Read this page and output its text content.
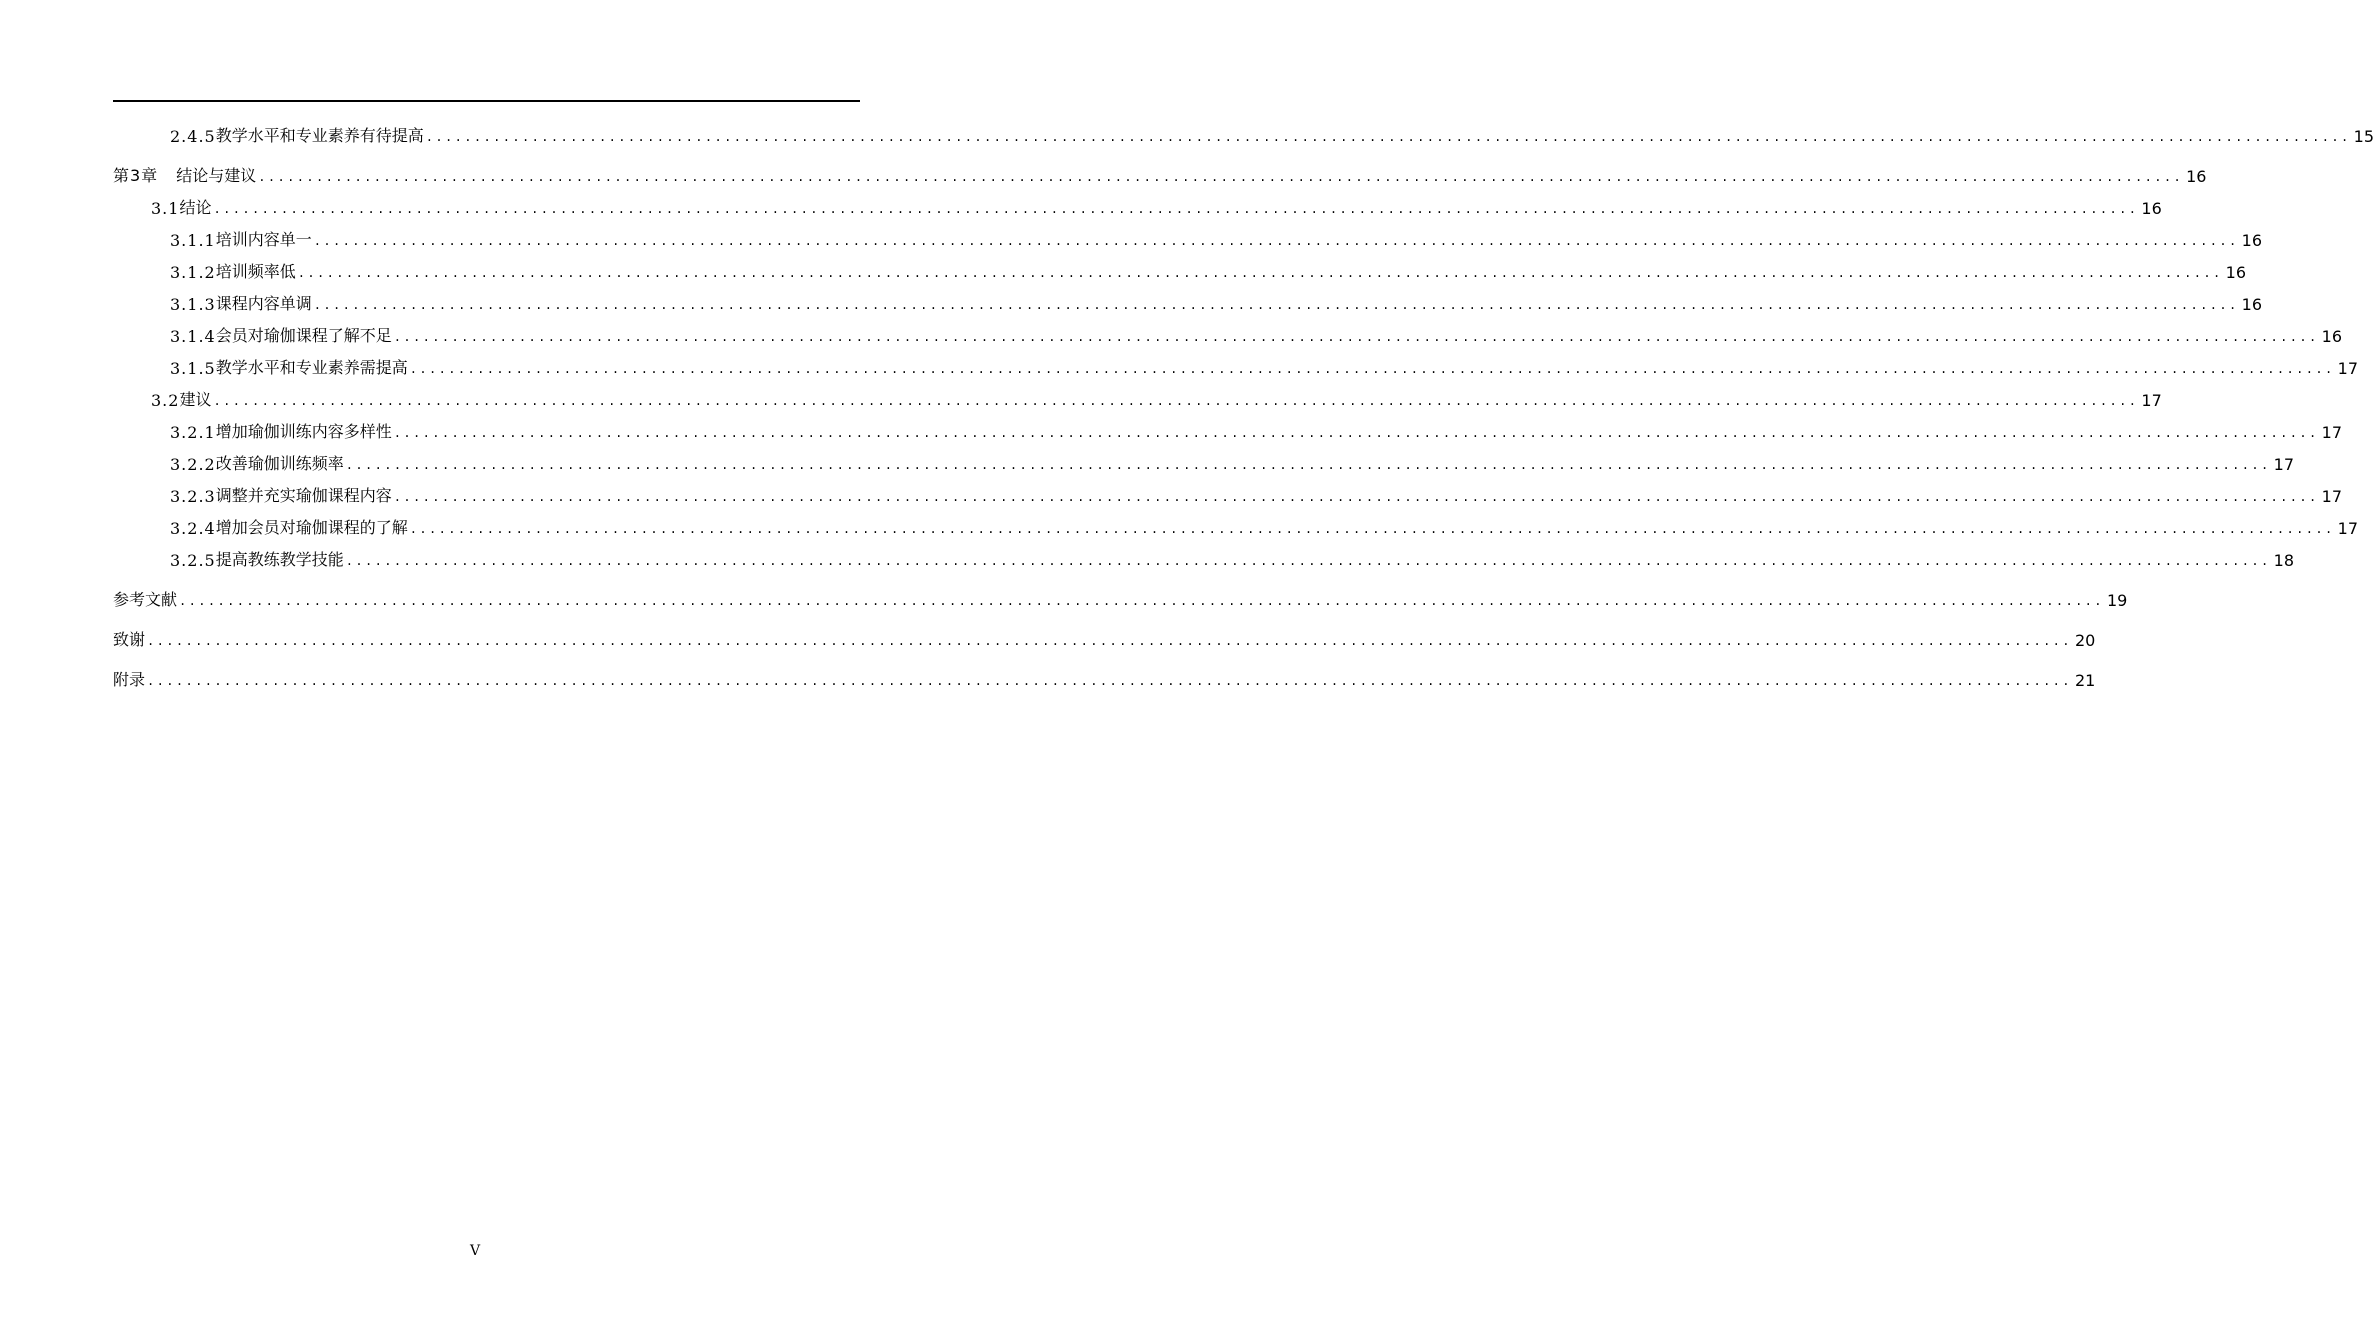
2.4.5 教学水平和专业素养有待提高 ........................................................................................................................................................................................................ 15
第3章 结论与建议 ........................................................................................................................................................................................................ 16
3.1 结论 ........................................................................................................................................................................................................ 16
3.1.1 培训内容单一 ........................................................................................................................................................................................................ 16
3.1.2 培训频率低 ........................................................................................................................................................................................................ 16
3.1.3 课程内容单调 ........................................................................................................................................................................................................ 16
3.1.4 会员对瑜伽课程了解不足 ........................................................................................................................................................................................................ 16
3.1.5 教学水平和专业素养需提高 ........................................................................................................................................................................................................ 17
3.2 建议 ........................................................................................................................................................................................................ 17
3.2.1 增加瑜伽训练内容多样性 ........................................................................................................................................................................................................ 17
3.2.2 改善瑜伽训练频率 ........................................................................................................................................................................................................ 17
3.2.3 调整并充实瑜伽课程内容 ........................................................................................................................................................................................................ 17
3.2.4 增加会员对瑜伽课程的了解 ........................................................................................................................................................................................................ 17
3.2.5 提高教练教学技能 ........................................................................................................................................................................................................ 18
参考文献 ........................................................................................................................................................................................................ 19
致谢 ........................................................................................................................................................................................................ 20
附录 ........................................................................................................................................................................................................ 21
V
